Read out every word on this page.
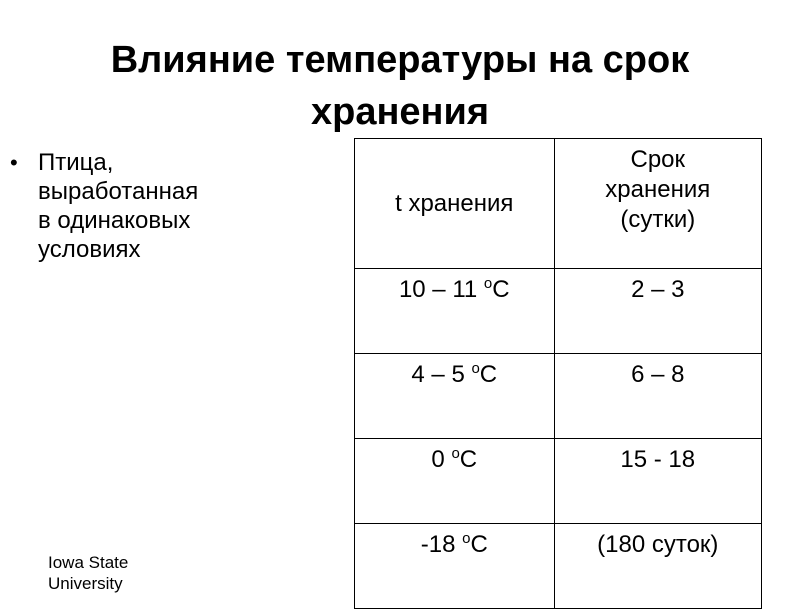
Влияние температуры на срок хранения
• Птица,
выработанная
в одинаковых
условиях
t хранения	Срок
хранения
(сутки)

10 – 11 $^o$C	2 – 3
4 – 5 $^o$C	6 – 8
0 $^o$C	15 - 18
-18 $^o$C	(180 суток)
Iowa State
University
